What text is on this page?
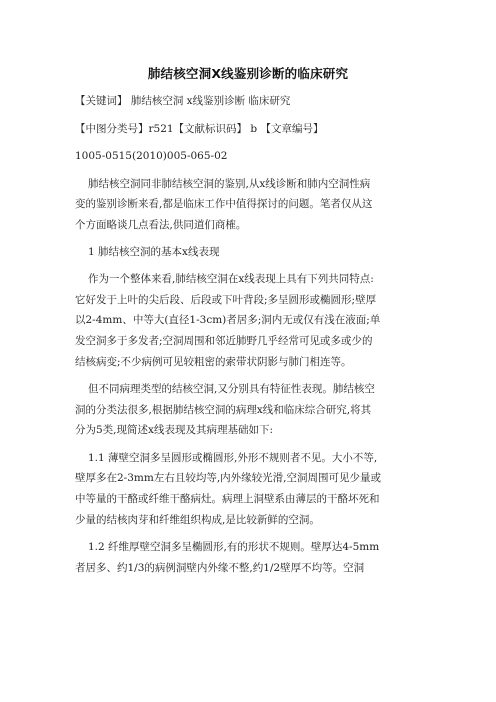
肺结核空洞X线鉴别诊断的临床研究
【关键词】 肺结核空洞 x线鉴别诊断 临床研究
【中图分类号】r521【文献标识码】 b 【文章编号】
1005-0515(2010)005-065-02
肺结核空洞同非肺结核空洞的鉴别,从x线诊断和肺内空洞性病
变的鉴别诊断来看,都是临床工作中值得探讨的问题。笔者仅从这
个方面略谈几点看法,供同道们商榷。
1 肺结核空洞的基本x线表现
作为一个整体来看,肺结核空洞在x线表现上具有下列共同特点:
它好发于上叶的尖后段、后段或下叶背段;多呈圆形或椭圆形;壁厚
以2-4mm、中等大(直径1-3cm)者居多;洞内无或仅有浅在液面;单
发空洞多于多发者;空洞周围和邻近肺野几乎经常可见或多或少的
结核病变;不少病例可见较粗密的索带状阴影与肺门相连等。
但不同病理类型的结核空洞,又分别具有特征性表现。肺结核空
洞的分类法很多,根据肺结核空洞的病理x线和临床综合研究,将其
分为5类,现简述x线表现及其病理基础如下:
1.1 薄壁空洞多呈圆形或椭圆形,外形不规则者不见。大小不等,
壁厚多在2-3mm左右且较均等,内外缘较光滑,空洞周围可见少量或
中等量的干酪或纤维干酪病灶。病理上洞壁系由薄层的干酪坏死和
少量的结核肉芽和纤维组织构成,是比较新鲜的空洞。
1.2 纤维厚壁空洞多呈椭圆形,有的形状不规则。壁厚达4-5mm
者居多、约1/3的病例洞壁内外缘不整,约1/2壁厚不均等。空洞
